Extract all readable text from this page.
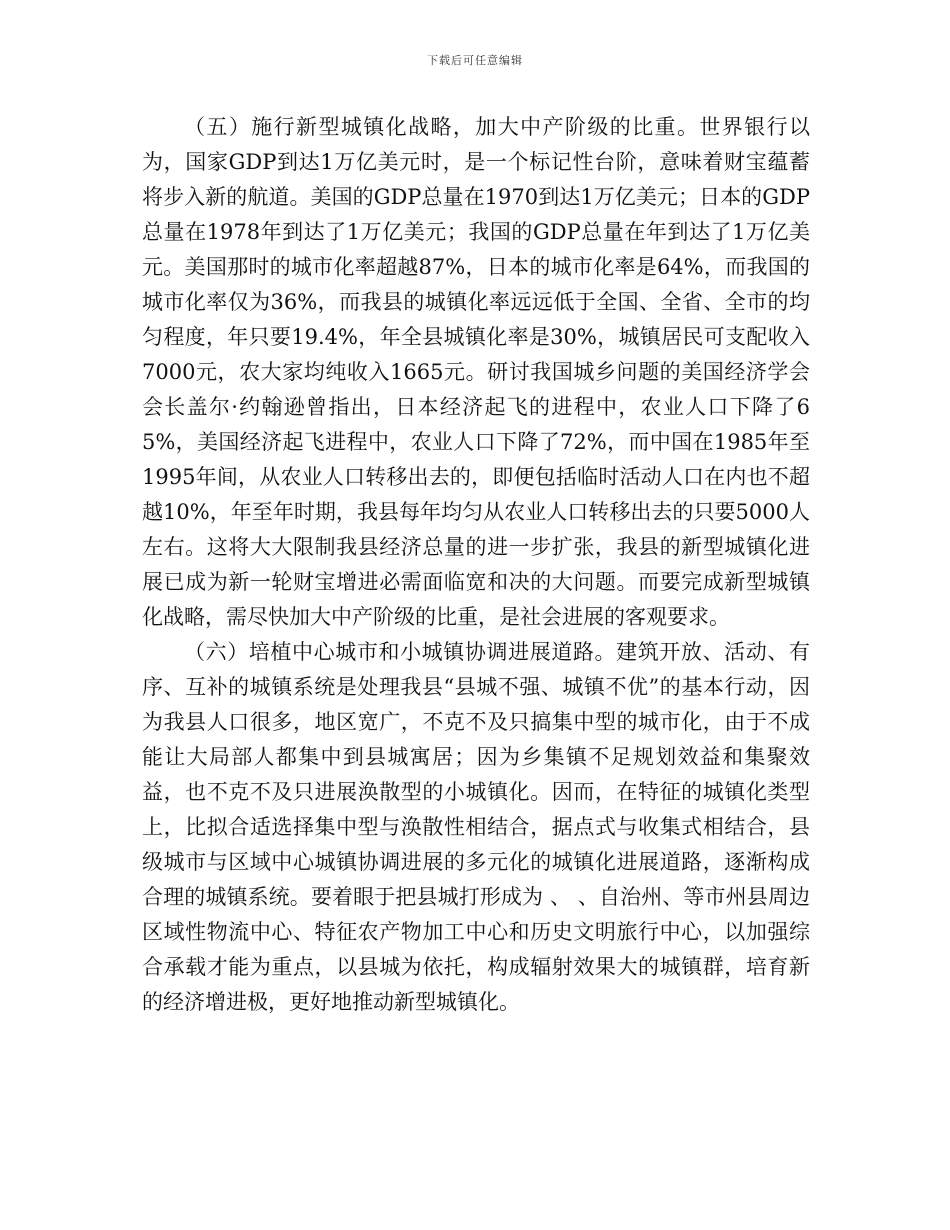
下载后可任意编辑

（五）施行新型城镇化战略，加大中产阶级的比重。世界银行以为，国家GDP到达1万亿美元时，是一个标记性台阶，意味着财宝蕴蓄将步入新的航道。美国的GDP总量在1970到达1万亿美元；日本的GDP总量在1978年到达了1万亿美元；我国的GDP总量在年到达了1万亿美元。美国那时的城市化率超越87%，日本的城市化率是64%，而我国的城市化率仅为36%，而我县的城镇化率远远低于全国、全省、全市的均匀程度，年只要19.4%，年全县城镇化率是30%，城镇居民可支配收入7000元，农大家均纯收入1665元。研讨我国城乡问题的美国经济学会会长盖尔·约翰逊曾指出，日本经济起飞的进程中，农业人口下降了65%，美国经济起飞进程中，农业人口下降了72%，而中国在1985年至1995年间，从农业人口转移出去的，即便包括临时活动人口在内也不超越10%，年至年时期，我县每年均匀从农业人口转移出去的只要5000人左右。这将大大限制我县经济总量的进一步扩张，我县的新型城镇化进展已成为新一轮财宝增进必需面临宽和决的大问题。而要完成新型城镇化战略，需尽快加大中产阶级的比重，是社会进展的客观要求。

（六）培植中心城市和小城镇协调进展道路。建筑开放、活动、有序、互补的城镇系统是处理我县“县城不强、城镇不优”的基本行动，因为我县人口很多，地区宽广，不克不及只搞集中型的城市化，由于不成能让大局部人都集中到县城寓居；因为乡集镇不足规划效益和集聚效益，也不克不及只进展涣散型的小城镇化。因而，在特征的城镇化类型上，比拟合适选择集中型与涣散性相结合，据点式与收集式相结合，县级城市与区域中心城镇协调进展的多元化的城镇化进展道路，逐渐构成合理的城镇系统。要着眼于把县城打形成为 、 、自治州、等市州县周边区域性物流中心、特征农产物加工中心和历史文明旅行中心，以加强综合承载才能为重点，以县城为依托，构成辐射效果大的城镇群，培育新的经济增进极，更好地推动新型城镇化。
